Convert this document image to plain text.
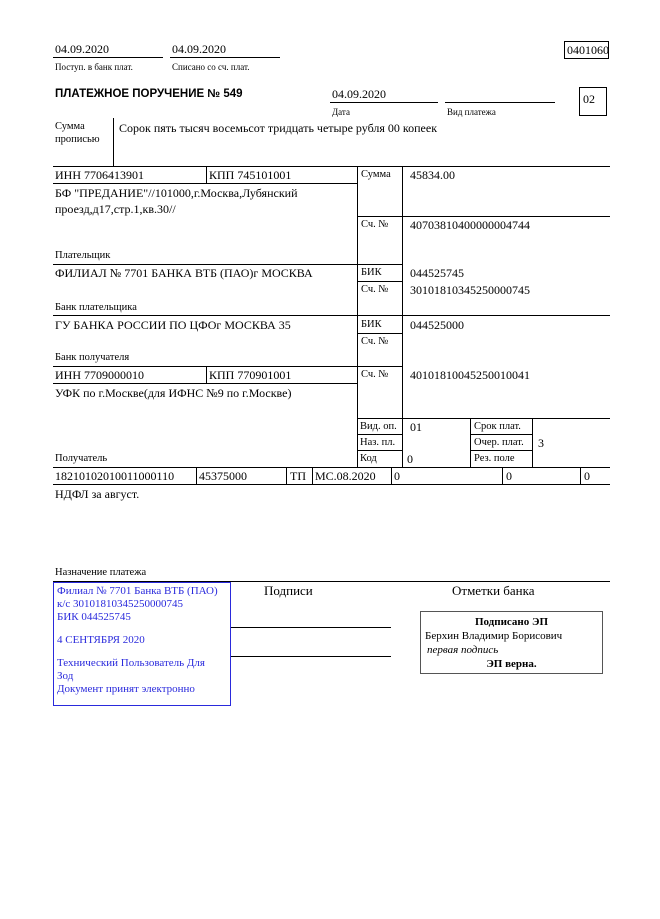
04.09.2020
Поступ. в банк плат.
04.09.2020
Списано со сч. плат.
0401060
ПЛАТЕЖНОЕ ПОРУЧЕНИЕ № 549	04.09.2020
Дата	Вид платежа
02
Сумма
прописью
Сорок пять тысяч восемьсот тридцать четыре рубля 00 копеек
ИНН 7706413901	КПП 745101001	Сумма 45834.00
БФ "ПРЕДАНИЕ"//101000,г.Москва,Лубянский
проезд,д17,стр.1,кв.30//
Сч. № 40703810400000004744
Плательщик
ФИЛИАЛ № 7701 БАНКА ВТБ (ПАО)г МОСКВА	БИК 044525745
Сч. № 30101810345250000745
Банк плательщика
ГУ БАНКА РОССИИ ПО ЦФОг МОСКВА 35	БИК 044525000
Сч. №
Банк получателя
ИНН 7709000010	КПП 770901001	Сч. № 40101810045250010041
УФК по г.Москве(для ИФНС №9 по г.Москве)
Вид. оп. 01
Наз. пл.
Код	0
Срок плат.
Очер. плат. 3
Рез. поле
Получатель
18210102010011000110 45375000	ТП МС.08.2020 0	0	0
НДФЛ за август.
Назначение платежа
Филиал № 7701 Банка ВТБ (ПАО)
к/с 30101810345250000745
БИК 044525745
4 СЕНТЯБРЯ 2020
Технический Пользователь Для
Зод
Документ принят электронно
Подписи	Отметки банка
Подписано ЭП
Берхин Владимир Борисович
первая подпись
ЭП верна.
